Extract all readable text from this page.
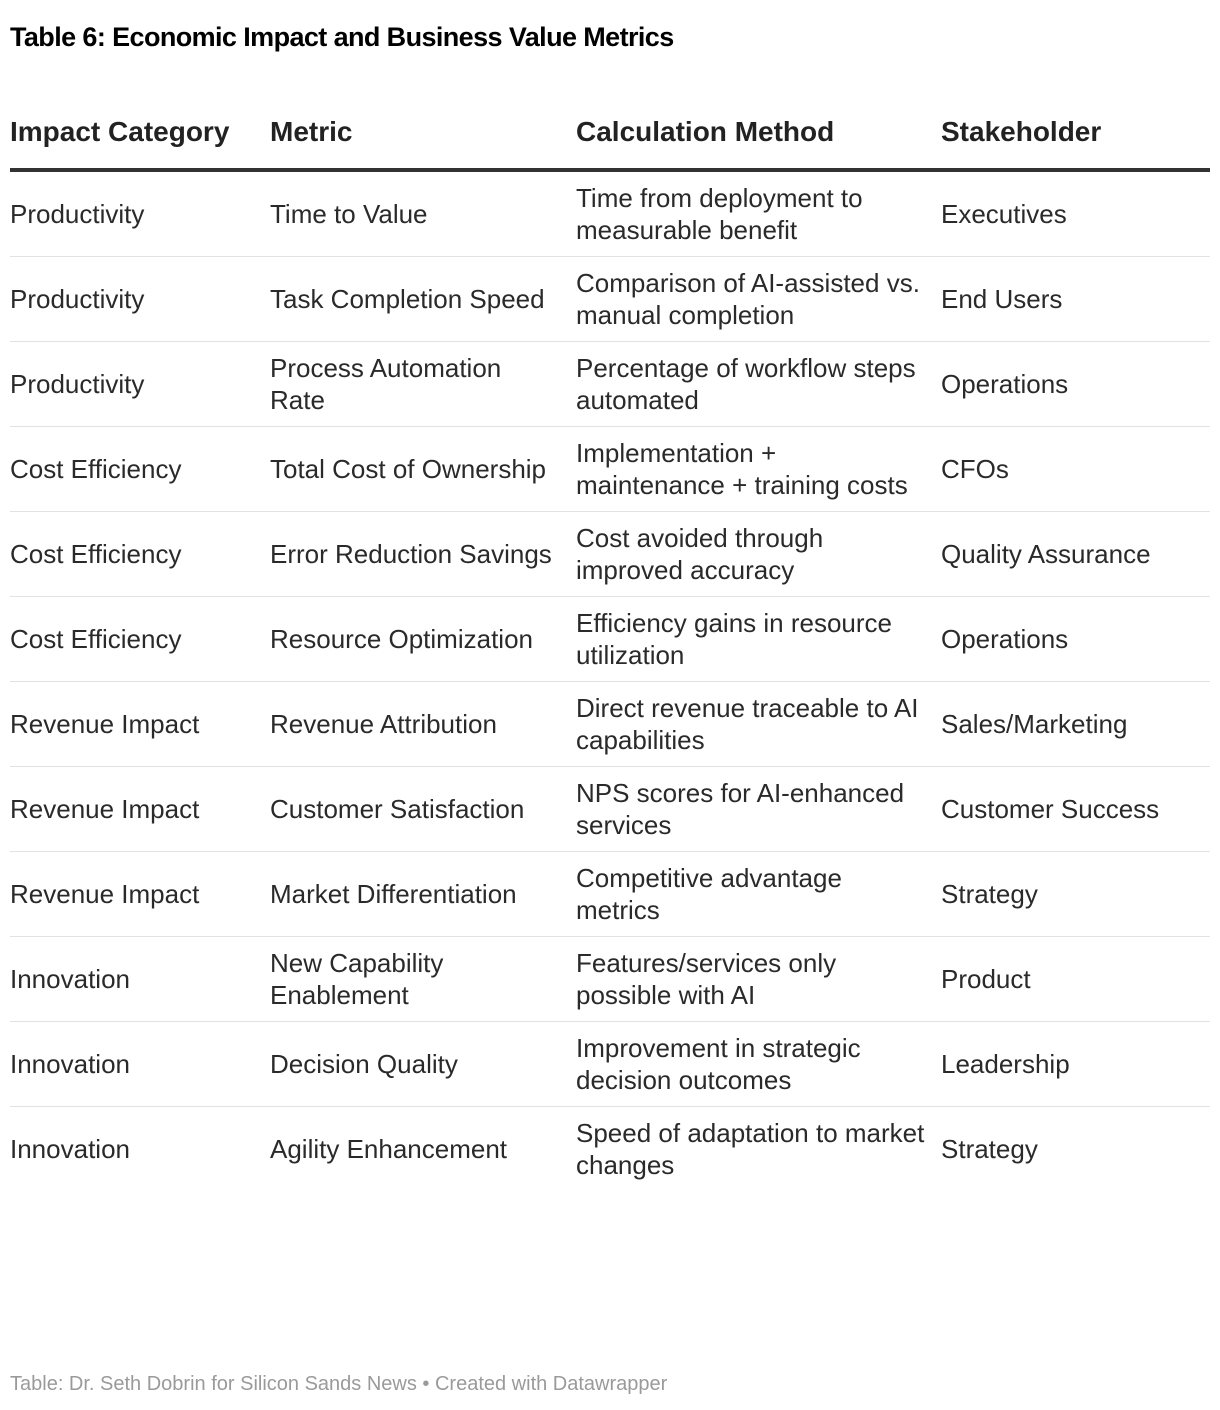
Table 6: Economic Impact and Business Value Metrics
Impact Category	Metric	Calculation Method	Stakeholder
Productivity	Time to Value	Time from deployment to measurable benefit	Executives
Productivity	Task Completion Speed	Comparison of AI-assisted vs. manual completion	End Users
Productivity	Process Automation Rate	Percentage of workflow steps automated	Operations
Cost Efficiency	Total Cost of Ownership	Implementation + maintenance + training costs	CFOs
Cost Efficiency	Error Reduction Savings	Cost avoided through improved accuracy	Quality Assurance
Cost Efficiency	Resource Optimization	Efficiency gains in resource utilization	Operations
Revenue Impact	Revenue Attribution	Direct revenue traceable to AI capabilities	Sales/Marketing
Revenue Impact	Customer Satisfaction	NPS scores for AI-enhanced services	Customer Success
Revenue Impact	Market Differentiation	Competitive advantage metrics	Strategy
Innovation	New Capability Enablement	Features/services only possible with AI	Product
Innovation	Decision Quality	Improvement in strategic decision outcomes	Leadership
Innovation	Agility Enhancement	Speed of adaptation to market changes	Strategy
Table: Dr. Seth Dobrin for Silicon Sands News • Created with Datawrapper
